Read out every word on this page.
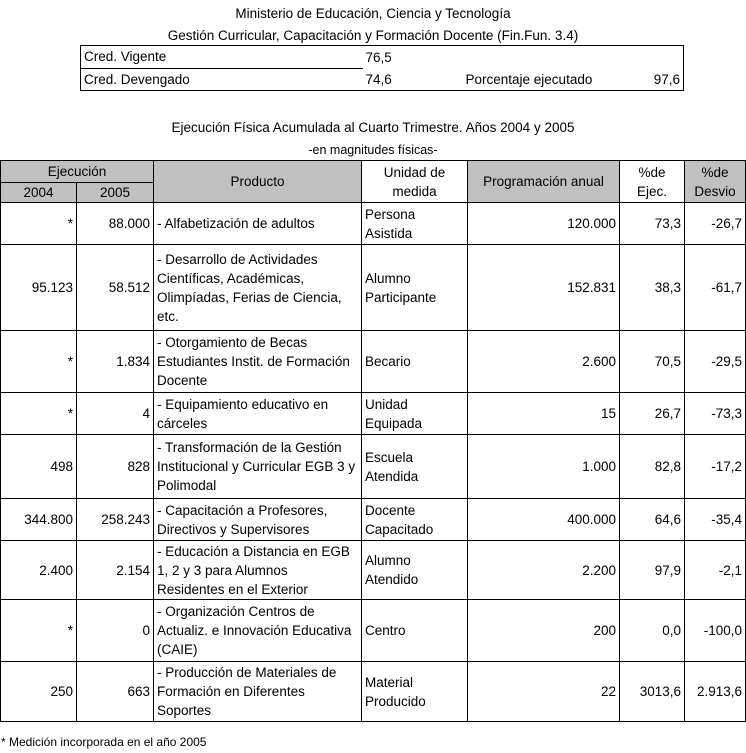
Ministerio de Educación, Ciencia y Tecnología
Gestión Curricular, Capacitación y Formación Docente (Fin.Fun. 3.4)
Cred. Vigente	76,5		
Cred. Devengado	74,6	Porcentaje ejecutado	97,6
Ejecución Física Acumulada al Cuarto Trimestre. Años 2004 y 2005
-en magnitudes físicas-
Ejecución		Producto	Unidad de medida	Programación anual	%de Ejec.	%de Desvio
2004	2005					
*	88.000	- Alfabetización de adultos	Persona Asistida	120.000	73,3	-26,7
95.123	58.512	- Desarrollo de Actividades Científicas, Académicas, Olimpíadas, Ferias de Ciencia, etc.	Alumno Participante	152.831	38,3	-61,7
*	1.834	- Otorgamiento de Becas Estudiantes Instit. de Formación Docente	Becario	2.600	70,5	-29,5
*	4	- Equipamiento educativo en cárceles	Unidad Equipada	15	26,7	-73,3
498	828	- Transformación de la Gestión Institucional y Curricular EGB 3 y Polimodal	Escuela Atendida	1.000	82,8	-17,2
344.800	258.243	- Capacitación a Profesores, Directivos y Supervisores	Docente Capacitado	400.000	64,6	-35,4
2.400	2.154	- Educación a Distancia en EGB 1, 2 y 3 para Alumnos Residentes en el Exterior	Alumno Atendido	2.200	97,9	-2,1
*	0	- Organización Centros de Actualiz. e Innovación Educativa (CAIE)	Centro	200	0,0	-100,0
250	663	- Producción de Materiales de Formación en Diferentes Soportes	Material Producido	22	3013,6	2.913,6
* Medición incorporada en el año 2005
